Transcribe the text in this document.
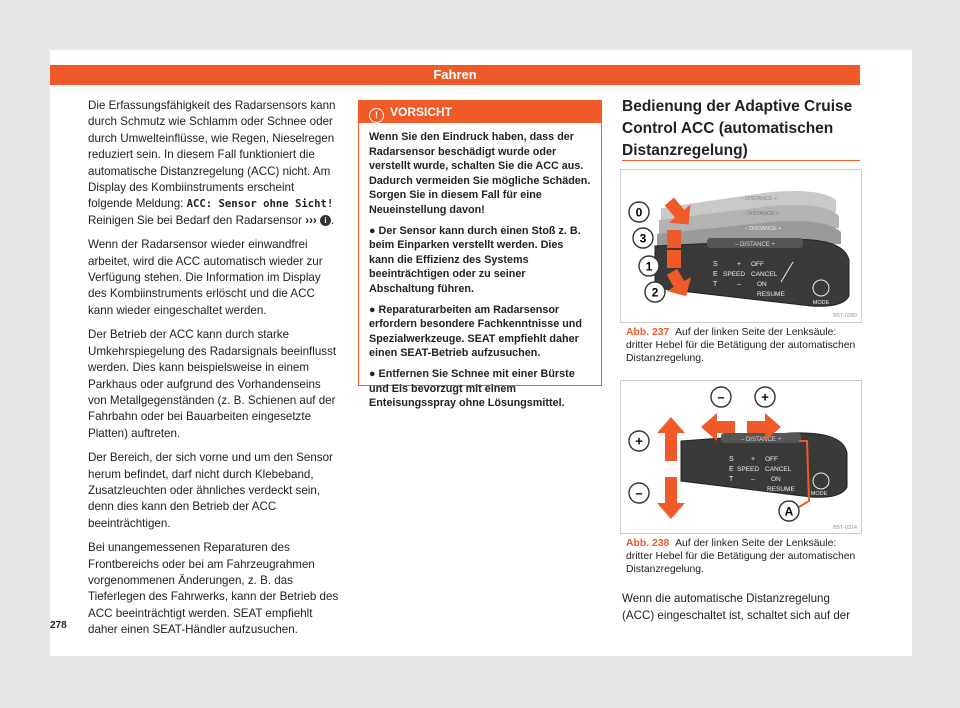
Fahren

Die Erfassungsfähigkeit des Radarsensors kann durch Schmutz wie Schlamm oder Schnee oder durch Umwelteinflüsse, wie Regen, Nieselregen reduziert sein. In diesem Fall funktioniert die automatische Distanzregelung (ACC) nicht. Am Display des Kombiinstruments erscheint folgende Meldung: ACC: Sensor ohne Sicht! Reinigen Sie bei Bedarf den Radarsensor ››› i .

Wenn der Radarsensor wieder einwandfrei arbeitet, wird die ACC automatisch wieder zur Verfügung stehen. Die Information im Display des Kombiinstruments erlöscht und die ACC kann wieder eingeschaltet werden.

Der Betrieb der ACC kann durch starke Umkehrspiegelung des Radarsignals beeinflusst werden. Dies kann beispielsweise in einem Parkhaus oder aufgrund des Vorhandenseins von Metallgegenständen (z. B. Schienen auf der Fahrbahn oder bei Bauarbeiten eingesetzte Platten) auftreten.

Der Bereich, der sich vorne und um den Sensor herum befindet, darf nicht durch Klebeband, Zusatzleuchten oder ähnliches verdeckt sein, denn dies kann den Betrieb der ACC beeinträchtigen.

Bei unangemessenen Reparaturen des Frontbereichs oder bei am Fahrzeugrahmen vorgenommenen Änderungen, z. B. das Tieferlegen des Fahrwerks, kann der Betrieb des ACC beeinträchtigt werden. SEAT empfiehlt daher einen SEAT-Händler aufzusuchen.

278
! VORSICHT

Wenn Sie den Eindruck haben, dass der Radarsensor beschädigt wurde oder verstellt wurde, schalten Sie die ACC aus. Dadurch vermeiden Sie mögliche Schäden. Sorgen Sie in diesem Fall für eine Neueinstellung davon!

● Der Sensor kann durch einen Stoß z. B. beim Einparken verstellt werden. Dies kann die Effizienz des Systems beeinträchtigen oder zu seiner Abschaltung führen.

● Reparaturarbeiten am Radarsensor erfordern besondere Fachkenntnisse und Spezialwerkzeuge. SEAT empfiehlt daher einen SEAT-Betrieb aufzusuchen.

● Entfernen Sie Schnee mit einer Bürste und Eis bevorzugt mit einem Enteisungsspray ohne Lösungsmittel.

Bedienung der Adaptive Cruise Control ACC (automatischen Distanzregelung)
– DISTANCE +
– DISTANCE +
– DISTANCE +
– DISTANCE +
S
E
T
+
–
SPEED
OFF
CANCEL
ON
RESUME
MODE
0
3
1
2
B5T-0280
Abb. 237 Auf der linken Seite der Lenksäule: dritter Hebel für die Betätigung der automatischen Distanzregelung.
– DISTANCE +
S
E
T
+
–
SPEED
OFF
CANCEL
ON
RESUME
MODE
–	+
+
–
A
B5T-0314
Abb. 238 Auf der linken Seite der Lenksäule: dritter Hebel für die Betätigung der automatischen Distanzregelung.
Wenn die automatische Distanzregelung (ACC) eingeschaltet ist, schaltet sich auf der
